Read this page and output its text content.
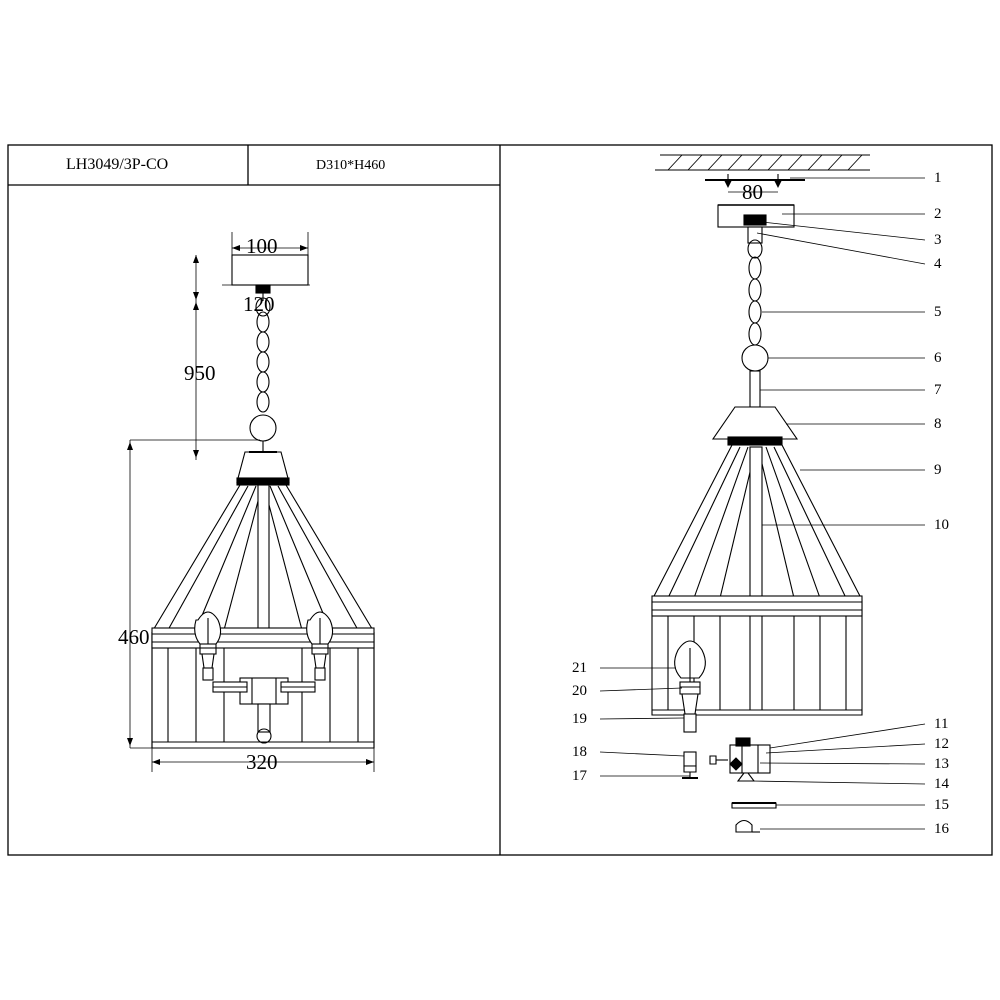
LH3049/3P-CO	D310*H460
100
120
950
460
320
80
1
2
3
4
5
6
7
8
9
10
11
12
13
14
15
16
21
20
19
18
17
